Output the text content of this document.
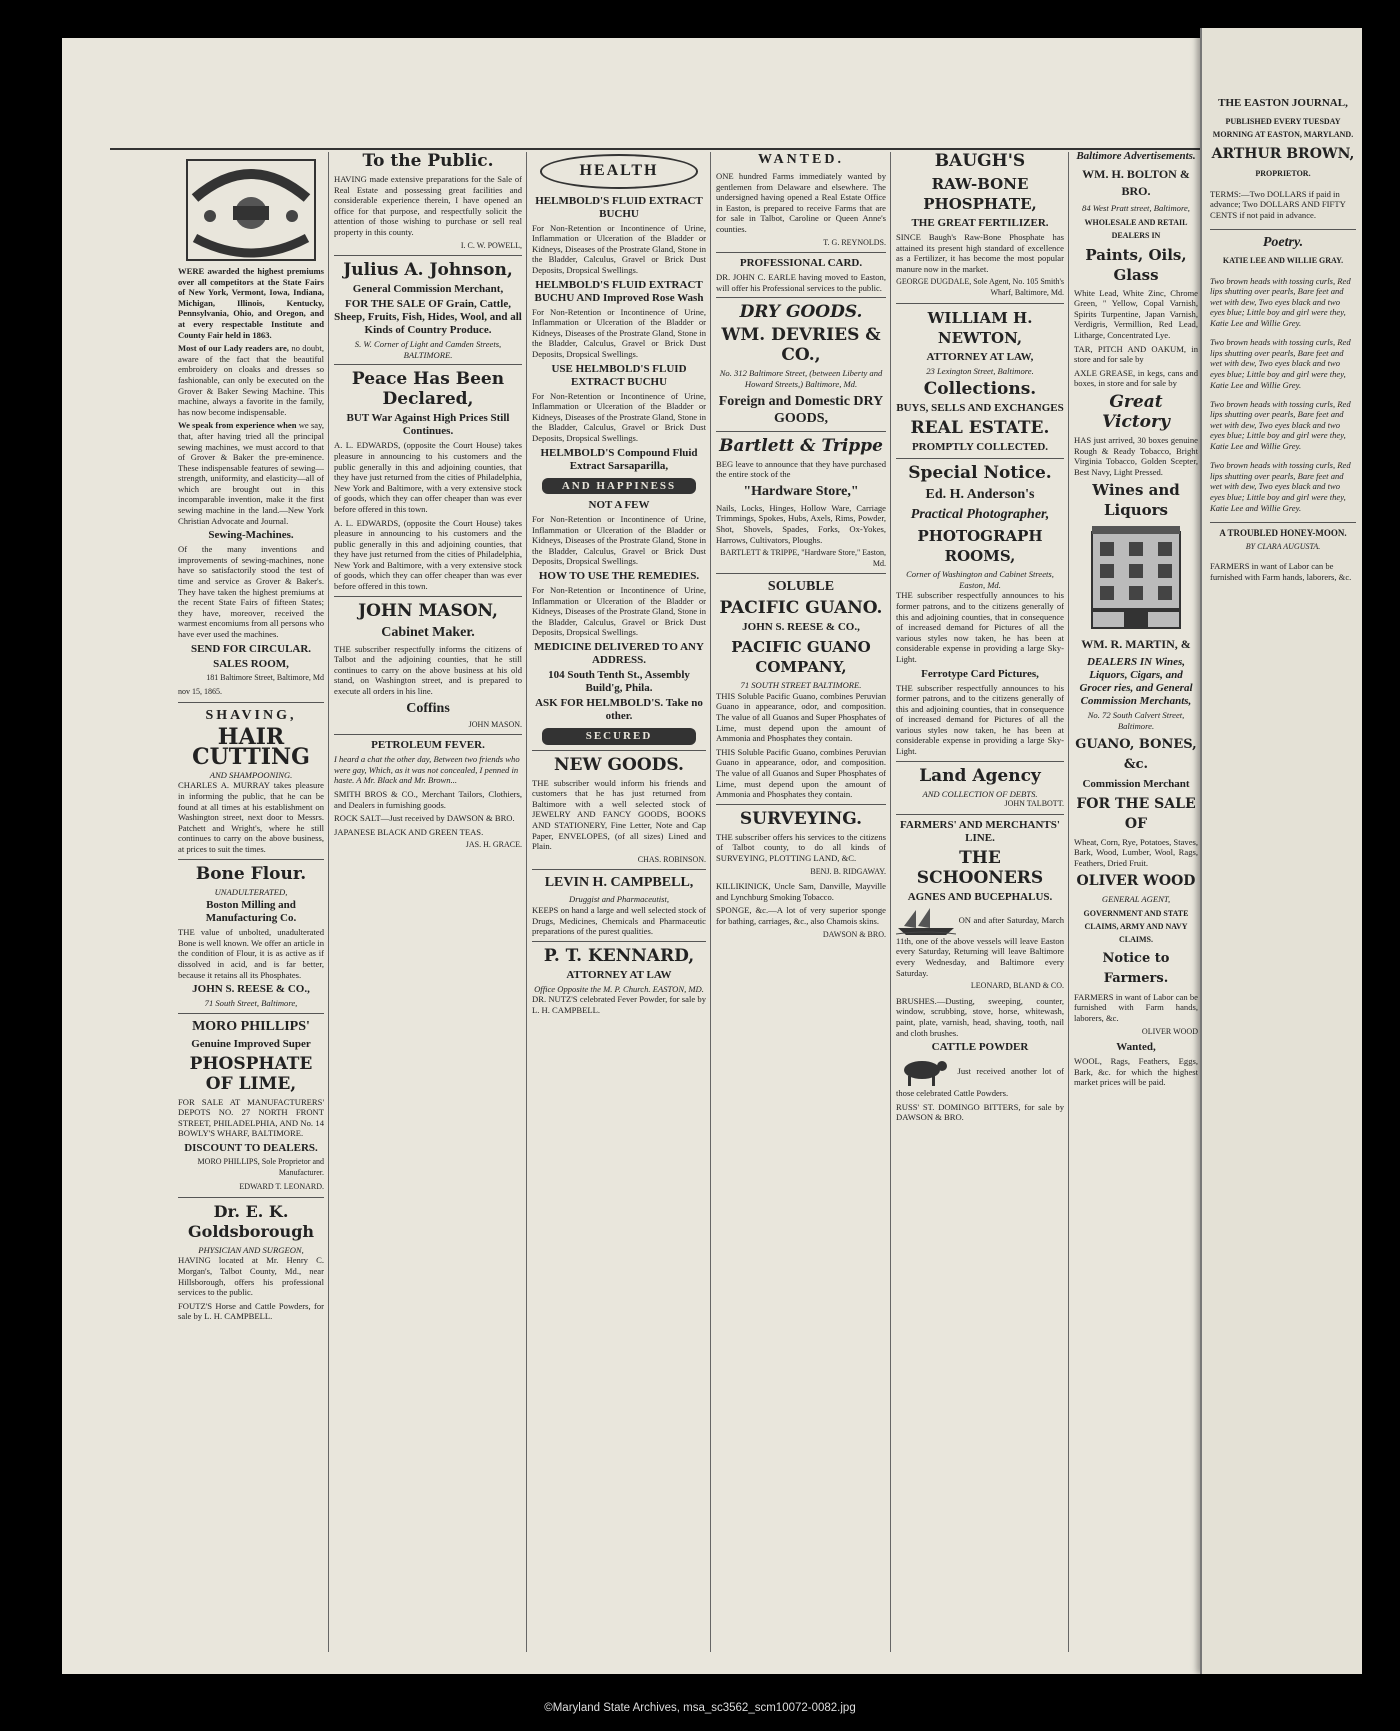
WERE awarded the highest premiums over all competitors at the State Fairs of New York, Vermont, Iowa, Indiana, Michigan, Illinois, Kentucky, Pennsylvania, Ohio, and Oregon, and at every respectable Institute and County Fair held in 1863.

Most of our Lady readers are, no doubt, aware of the fact that the beautiful embroidery on cloaks and dresses so fashionable, can only be executed on the Grover & Baker Sewing Machine. This machine, always a favorite in the family, has now become indispensable.

We speak from experience when we say, that, after having tried all the principal sewing machines, we must accord to that of Grover & Baker the pre-eminence. These indispensable features of sewing—strength, uniformity, and elasticity—all of which are brought out in this incomparable invention, make it the first sewing machine in the land.—New York Christian Advocate and Journal.

Sewing-Machines.

Of the many inventions and improvements of sewing-machines, none have so satisfactorily stood the test of time and service as Grover & Baker's. They have taken the highest premiums at the recent State Fairs of fifteen States; they have, moreover, received the warmest encomiums from all persons who have ever used the machines.

SEND FOR CIRCULAR.
SALES ROOM,
181 Baltimore Street, Baltimore, Md
nov 15, 1865.
SHAVING,
HAIR CUTTING
AND SHAMPOONING.

CHARLES A. MURRAY takes pleasure in informing the public, that he can be found at all times at his establishment on Washington street, next door to Messrs. Patchett and Wright's, where he still continues to carry on the above business, at prices to suit the times.

Bone Flour.
UNADULTERATED,
Boston Milling and Manufacturing Co.

THE value of unbolted, unadulterated Bone is well known. We offer an article in the condition of Flour, it is as active as if dissolved in acid, and is far better, because it retains all its Phosphates.

JOHN S. REESE & CO.,
71 South Street, Baltimore,
MORO PHILLIPS'
Genuine Improved Super
PHOSPHATE OF LIME,

FOR SALE AT MANUFACTURERS' DEPOTS NO. 27 NORTH FRONT STREET, PHILADELPHIA, AND No. 14 BOWLY'S WHARF, BALTIMORE.

DISCOUNT TO DEALERS.
MORO PHILLIPS, Sole Proprietor and Manufacturer.
EDWARD T. LEONARD.
Dr. E. K. Goldsborough
PHYSICIAN AND SURGEON,

HAVING located at Mr. Henry C. Morgan's, Talbot County, Md., near Hillsborough, offers his professional services to the public.

FOUTZ'S Horse and Cattle Powders, for sale by L. H. CAMPBELL.

To the Public.

HAVING made extensive preparations for the Sale of Real Estate and possessing great facilities and considerable experience therein, I have opened an office for that purpose, and respectfully solicit the attention of those wishing to purchase or sell real property in this county.

I. C. W. POWELL,
Julius A. Johnson,
General Commission Merchant,
FOR THE SALE OF Grain, Cattle, Sheep, Fruits, Fish, Hides, Wool, and all Kinds of Country Produce.
S. W. Corner of Light and Camden Streets, BALTIMORE.
Peace Has Been Declared,
BUT War Against High Prices Still Continues.

A. L. EDWARDS, (opposite the Court House) takes pleasure in announcing to his customers and the public generally in this and adjoining counties, that they have just returned from the cities of Philadelphia, New York and Baltimore, with a very extensive stock of goods, which they can offer cheaper than was ever before offered in this town.

A. L. EDWARDS, (opposite the Court House) takes pleasure in announcing to his customers and the public generally in this and adjoining counties, that they have just returned from the cities of Philadelphia, New York and Baltimore, with a very extensive stock of goods, which they can offer cheaper than was ever before offered in this town.

JOHN MASON,
Cabinet Maker.

THE subscriber respectfully informs the citizens of Talbot and the adjoining counties, that he still continues to carry on the above business at his old stand, on Washington street, and is prepared to execute all orders in his line.

Coffins
JOHN MASON.
PETROLEUM FEVER.

I heard a chat the other day, Between two friends who were gay, Which, as it was not concealed, I penned in haste. A Mr. Black and Mr. Brown...

SMITH BROS & CO., Merchant Tailors, Clothiers, and Dealers in furnishing goods.

ROCK SALT—Just received by DAWSON & BRO.

JAPANESE BLACK AND GREEN TEAS.

JAS. H. GRACE.
HEALTH
HELMBOLD'S FLUID EXTRACT BUCHU

For Non-Retention or Incontinence of Urine, Inflammation or Ulceration of the Bladder or Kidneys, Diseases of the Prostrate Gland, Stone in the Bladder, Calculus, Gravel or Brick Dust Deposits, Dropsical Swellings.

HELMBOLD'S FLUID EXTRACT BUCHU AND Improved Rose Wash

For Non-Retention or Incontinence of Urine, Inflammation or Ulceration of the Bladder or Kidneys, Diseases of the Prostrate Gland, Stone in the Bladder, Calculus, Gravel or Brick Dust Deposits, Dropsical Swellings.

USE HELMBOLD'S FLUID EXTRACT BUCHU

For Non-Retention or Incontinence of Urine, Inflammation or Ulceration of the Bladder or Kidneys, Diseases of the Prostrate Gland, Stone in the Bladder, Calculus, Gravel or Brick Dust Deposits, Dropsical Swellings.

HELMBOLD'S Compound Fluid Extract Sarsaparilla,
AND HAPPINESS
NOT A FEW

For Non-Retention or Incontinence of Urine, Inflammation or Ulceration of the Bladder or Kidneys, Diseases of the Prostrate Gland, Stone in the Bladder, Calculus, Gravel or Brick Dust Deposits, Dropsical Swellings.

HOW TO USE THE REMEDIES.

For Non-Retention or Incontinence of Urine, Inflammation or Ulceration of the Bladder or Kidneys, Diseases of the Prostrate Gland, Stone in the Bladder, Calculus, Gravel or Brick Dust Deposits, Dropsical Swellings.

MEDICINE DELIVERED TO ANY ADDRESS.
104 South Tenth St., Assembly Build'g, Phila.
ASK FOR HELMBOLD'S. Take no other.
SECURED
NEW GOODS.

THE subscriber would inform his friends and customers that he has just returned from Baltimore with a well selected stock of JEWELRY AND FANCY GOODS, BOOKS AND STATIONERY, Fine Letter, Note and Cap Paper, ENVELOPES, (of all sizes) Lined and Plain.

CHAS. ROBINSON.
LEVIN H. CAMPBELL,
Druggist and Pharmaceutist,

KEEPS on hand a large and well selected stock of Drugs, Medicines, Chemicals and Pharmaceutic preparations of the purest qualities.

P. T. KENNARD,
ATTORNEY AT LAW
Office Opposite the M. P. Church. EASTON, MD.

DR. NUTZ'S celebrated Fever Powder, for sale by L. H. CAMPBELL.

WANTED.

ONE hundred Farms immediately wanted by gentlemen from Delaware and elsewhere. The undersigned having opened a Real Estate Office in Easton, is prepared to receive Farms that are for sale in Talbot, Caroline or Queen Anne's counties.

T. G. REYNOLDS.
PROFESSIONAL CARD.

DR. JOHN C. EARLE having moved to Easton, will offer his Professional services to the public.

DRY GOODS.
WM. DEVRIES & CO.,
No. 312 Baltimore Street, (between Liberty and Howard Streets,) Baltimore, Md.
Foreign and Domestic DRY GOODS,
Bartlett & Trippe

BEG leave to announce that they have purchased the entire stock of the

"Hardware Store,"

Nails, Locks, Hinges, Hollow Ware, Carriage Trimmings, Spokes, Hubs, Axels, Rims, Powder, Shot, Shovels, Spades, Forks, Ox-Yokes, Harrows, Cultivators, Ploughs.

BARTLETT & TRIPPE, "Hardware Store," Easton, Md.
SOLUBLE
PACIFIC GUANO.
JOHN S. REESE & CO.,
PACIFIC GUANO COMPANY,
71 SOUTH STREET BALTIMORE.

THIS Soluble Pacific Guano, combines Peruvian Guano in appearance, odor, and composition. The value of all Guanos and Super Phosphates of Lime, must depend upon the amount of Ammonia and Phosphates they contain.

THIS Soluble Pacific Guano, combines Peruvian Guano in appearance, odor, and composition. The value of all Guanos and Super Phosphates of Lime, must depend upon the amount of Ammonia and Phosphates they contain.

SURVEYING.

THE subscriber offers his services to the citizens of Talbot county, to do all kinds of SURVEYING, PLOTTING LAND, &C.

BENJ. B. RIDGAWAY.

KILLIKINICK, Uncle Sam, Danville, Mayville and Lynchburg Smoking Tobacco.

SPONGE, &c.—A lot of very superior sponge for bathing, carriages, &c., also Chamois skins.

DAWSON & BRO.
BAUGH'S
RAW-BONE PHOSPHATE,
THE GREAT FERTILIZER.

SINCE Baugh's Raw-Bone Phosphate has attained its present high standard of excellence as a Fertilizer, it has become the most popular manure now in the market.

GEORGE DUGDALE, Sole Agent, No. 105 Smith's Wharf, Baltimore, Md.
WILLIAM H. NEWTON,
ATTORNEY AT LAW,
23 Lexington Street, Baltimore.
Collections.
BUYS, SELLS AND EXCHANGES
REAL ESTATE.
PROMPTLY COLLECTED.
Special Notice.
Ed. H. Anderson's
Practical Photographer,
PHOTOGRAPH ROOMS,
Corner of Washington and Cabinet Streets, Easton, Md.

THE subscriber respectfully announces to his former patrons, and to the citizens generally of this and adjoining counties, that in consequence of increased demand for Pictures of all the various styles now taken, he has been at considerable expense in providing a large Sky-Light.

Ferrotype Card Pictures,

THE subscriber respectfully announces to his former patrons, and to the citizens generally of this and adjoining counties, that in consequence of increased demand for Pictures of all the various styles now taken, he has been at considerable expense in providing a large Sky-Light.

Land Agency
AND COLLECTION OF DEBTS.
JOHN TALBOTT.
FARMERS' AND MERCHANTS' LINE.
THE SCHOONERS
AGNES AND BUCEPHALUS.

ON and after Saturday, March 11th, one of the above vessels will leave Easton every Saturday, Returning will leave Baltimore every Wednesday, and Baltimore every Saturday.

LEONARD, BLAND & CO.

BRUSHES.—Dusting, sweeping, counter, window, scrubbing, stove, horse, whitewash, paint, plate, varnish, head, shaving, tooth, nail and cloth brushes.

CATTLE POWDER

Just received another lot of those celebrated Cattle Powders.

RUSS' ST. DOMINGO BITTERS, for sale by DAWSON & BRO.

Baltimore Advertisements.
WM. H. BOLTON & BRO.
84 West Pratt street, Baltimore,
WHOLESALE AND RETAIL DEALERS IN
Paints, Oils, Glass

White Lead, White Zinc, Chrome Green, " Yellow, Copal Varnish, Spirits Turpentine, Japan Varnish, Verdigris, Vermillion, Red Lead, Litharge, Concentrated Lye.

TAR, PITCH AND OAKUM, in store and for sale by

AXLE GREASE, in kegs, cans and boxes, in store and for sale by

Great Victory

HAS just arrived, 30 boxes genuine Rough & Ready Tobacco, Bright Virginia Tobacco, Golden Scepter, Best Navy, Light Pressed.

Wines and Liquors
WM. R. MARTIN, &
DEALERS IN Wines, Liquors, Cigars, and Grocer ries, and General Commission Merchants,
No. 72 South Calvert Street, Baltimore.
GUANO, BONES, &c.
Commission Merchant
FOR THE SALE OF

Wheat, Corn, Rye, Potatoes, Staves, Bark, Wood, Lumber, Wool, Rags, Feathers, Dried Fruit.

OLIVER WOOD
GENERAL AGENT,
GOVERNMENT AND STATE CLAIMS, ARMY AND NAVY CLAIMS.
Notice to Farmers.

FARMERS in want of Labor can be furnished with Farm hands, laborers, &c.

OLIVER WOOD
Wanted,

WOOL, Rags, Feathers, Eggs, Bark, &c. for which the highest market prices will be paid.

THE EASTON JOURNAL,
PUBLISHED EVERY TUESDAY MORNING AT EASTON, MARYLAND.
ARTHUR BROWN,
PROPRIETOR.

TERMS:—Two DOLLARS if paid in advance; Two DOLLARS AND FIFTY CENTS if not paid in advance.

Poetry.
KATIE LEE AND WILLIE GRAY.

Two brown heads with tossing curls, Red lips shutting over pearls, Bare feet and wet with dew, Two eyes black and two eyes blue; Little boy and girl were they, Katie Lee and Willie Grey.

Two brown heads with tossing curls, Red lips shutting over pearls, Bare feet and wet with dew, Two eyes black and two eyes blue; Little boy and girl were they, Katie Lee and Willie Grey.

Two brown heads with tossing curls, Red lips shutting over pearls, Bare feet and wet with dew, Two eyes black and two eyes blue; Little boy and girl were they, Katie Lee and Willie Grey.

Two brown heads with tossing curls, Red lips shutting over pearls, Bare feet and wet with dew, Two eyes black and two eyes blue; Little boy and girl were they, Katie Lee and Willie Grey.

A TROUBLED HONEY-MOON.
BY CLARA AUGUSTA.

FARMERS in want of Labor can be furnished with Farm hands, laborers, &c.

©Maryland State Archives, msa_sc3562_scm10072-0082.jpg
